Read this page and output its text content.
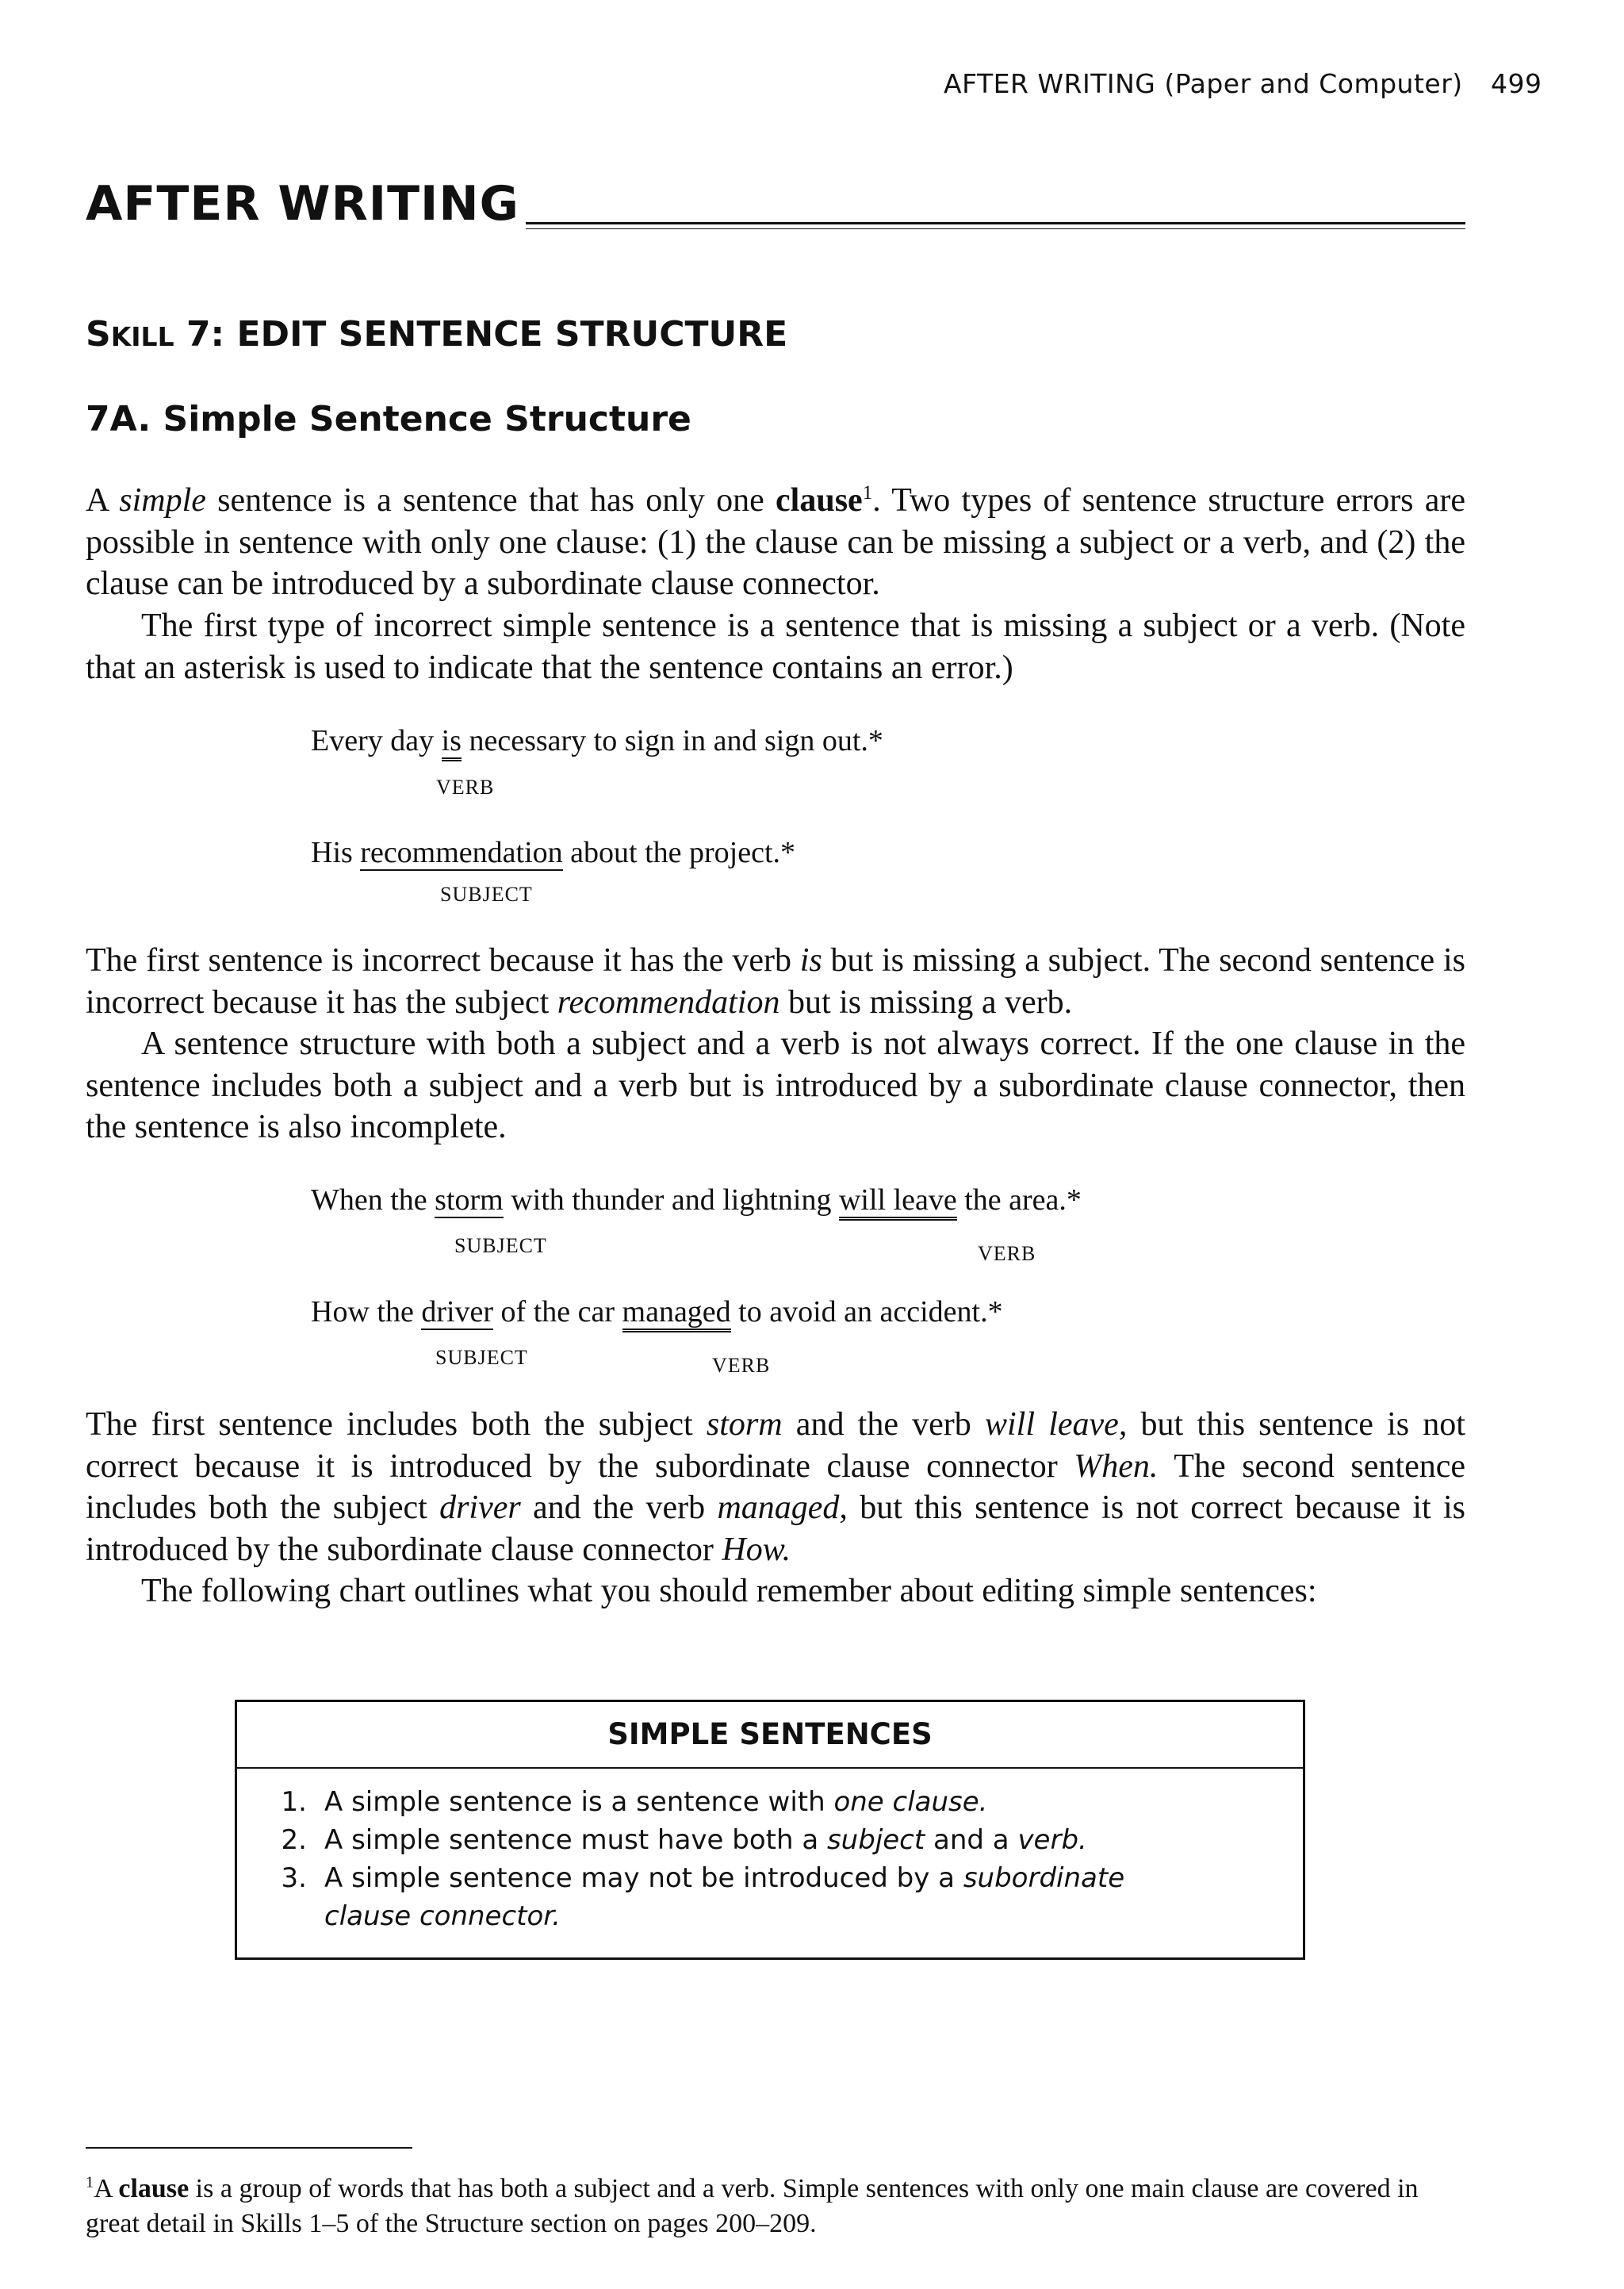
AFTER WRITING (Paper and Computer) 499
AFTER WRITING
SKILL 7: EDIT SENTENCE STRUCTURE
7A. Simple Sentence Structure

A simple sentence is a sentence that has only one clause$^1$. Two types of sentence structure errors are possible in sentence with only one clause: (1) the clause can be missing a subject or a verb, and (2) the clause can be introduced by a subordinate clause connector.

The first type of incorrect simple sentence is a sentence that is missing a subject or a verb. (Note that an asterisk is used to indicate that the sentence contains an error.)

Every day is necessary to sign in and sign out.*
VERB
His recommendation about the project.*
SUBJECT

The first sentence is incorrect because it has the verb is but is missing a subject. The second sentence is incorrect because it has the subject recommendation but is missing a verb.

A sentence structure with both a subject and a verb is not always correct. If the one clause in the sentence includes both a subject and a verb but is introduced by a subordinate clause connector, then the sentence is also incomplete.

When the storm with thunder and lightning will leave the area.*
SUBJECT	VERB
How the driver of the car managed to avoid an accident.*
SUBJECT	VERB

The first sentence includes both the subject storm and the verb will leave, but this sentence is not correct because it is introduced by the subordinate clause connector When. The second sentence includes both the subject driver and the verb managed, but this sentence is not correct because it is introduced by the subordinate clause connector How.

The following chart outlines what you should remember about editing simple sentences:

SIMPLE SENTENCES
1. A simple sentence is a sentence with one clause.
2. A simple sentence must have both a subject and a verb.
3. A simple sentence may not be introduced by a subordinate clause connector.

$^1$A clause is a group of words that has both a subject and a verb. Simple sentences with only one main clause are covered in great detail in Skills 1–5 of the Structure section on pages 200–209.
